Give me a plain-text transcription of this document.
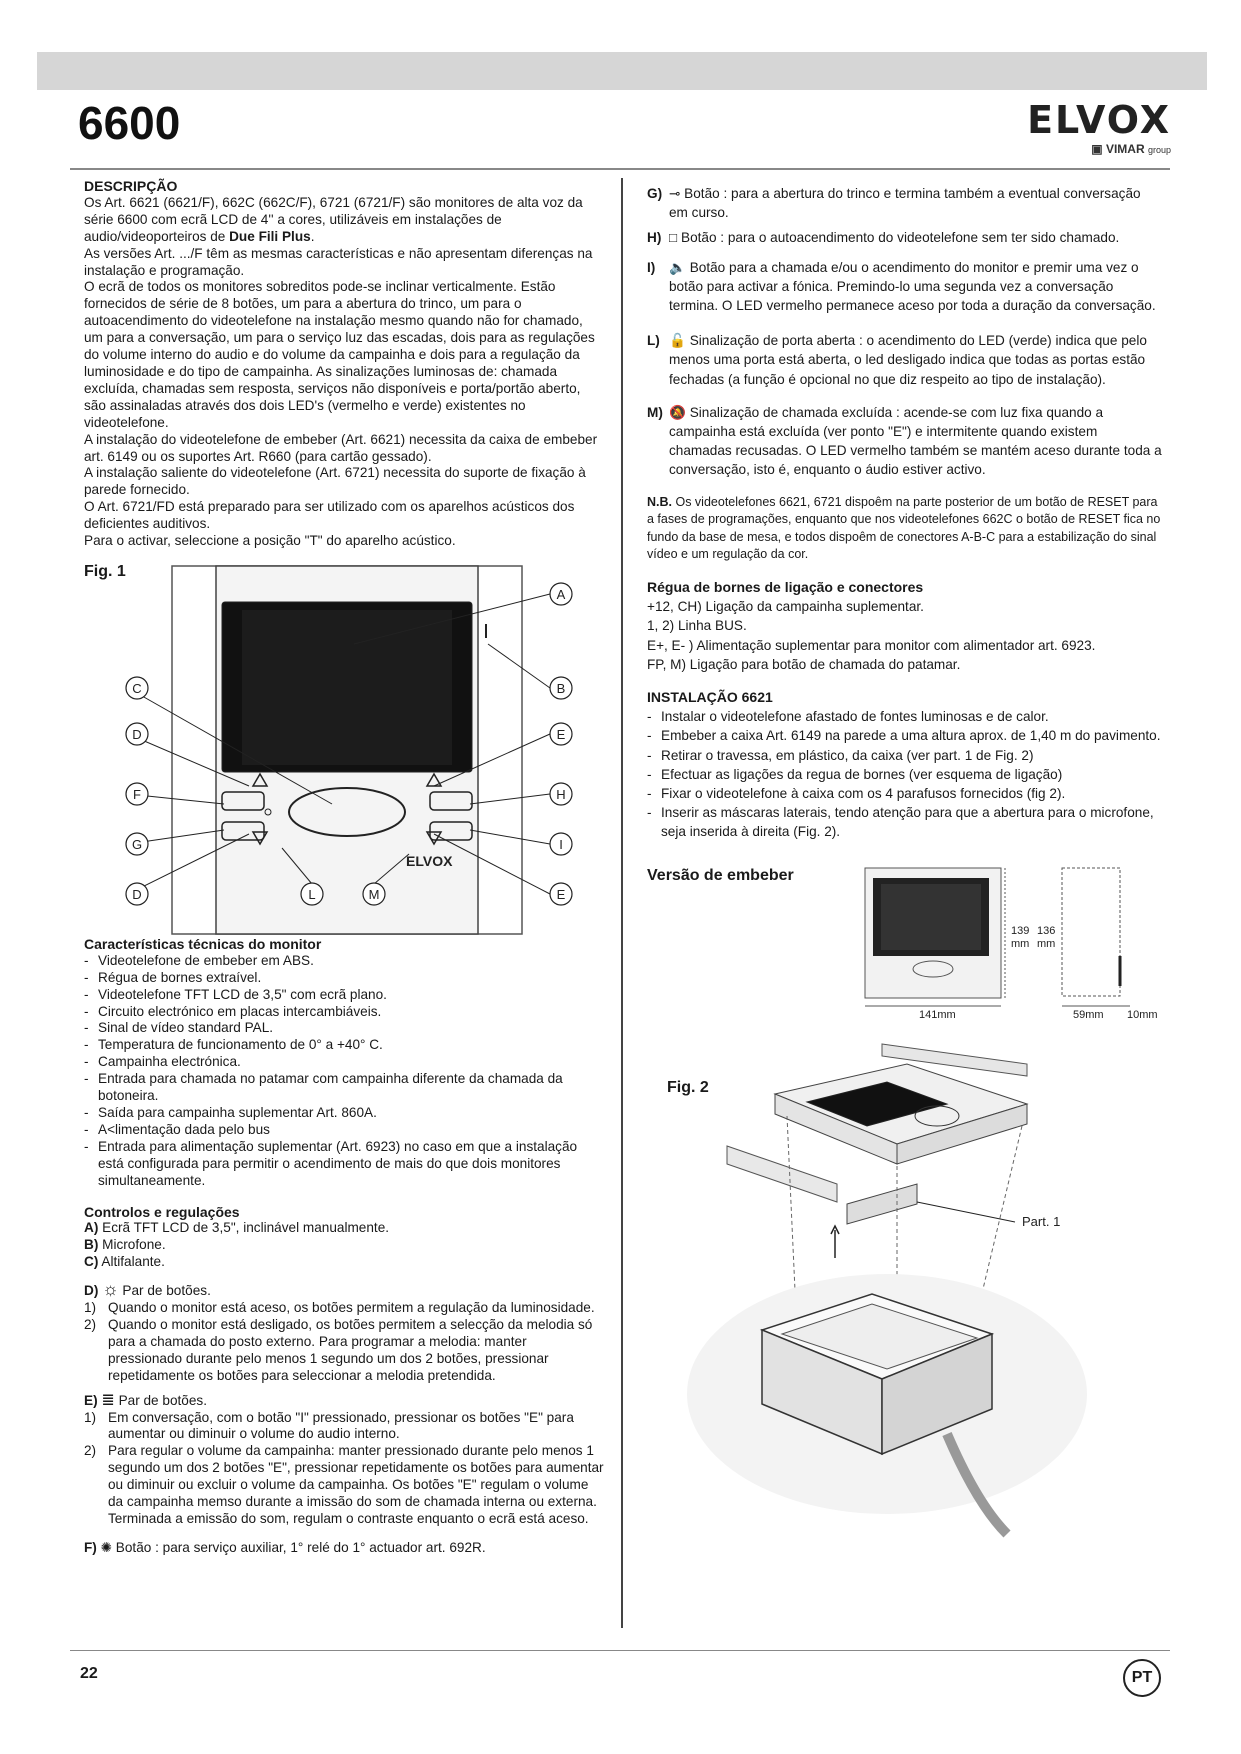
6600	ELVOX
▣ VIMAR group
DESCRIPÇÃO

Os Art. 6621 (6621/F), 662C (662C/F), 6721 (6721/F) são monitores de alta voz da série 6600 com ecrã LCD de 4'' a cores, utilizáveis em instalações de audio/videoporteiros de Due Fili Plus.

As versões Art. .../F têm as mesmas características e não apresentam diferenças na instalação e programação.

O ecrã de todos os monitores sobreditos pode-se inclinar verticalmente. Estão fornecidos de série de 8 botões, um para a abertura do trinco, um para o autoacendimento do videotelefone na instalação mesmo quando não for chamado, um para a conversação, um para o serviço luz das escadas, dois para as regulações do volume interno do audio e do volume da campainha e dois para a regulação da luminosidade e do tipo de campainha. As sinalizações luminosas de: chamada excluída, chamadas sem resposta, serviços não disponíveis e porta/portão aberto, são assinaladas através dos dois LED's (vermelho e verde) existentes no videotelefone.

A instalação do videotelefone de embeber (Art. 6621) necessita da caixa de embeber art. 6149 ou os suportes Art. R660 (para cartão gessado).

A instalação saliente do videotelefone (Art. 6721) necessita do suporte de fixação à parede fornecido.

O Art. 6721/FD está preparado para ser utilizado com os aparelhos acústicos dos deficientes auditivos.

Para o activar, seleccione a posição "T" do aparelho acústico.

Fig. 1
ELVOX
A
B
C
D	E
F
G
H
I
D	L	M	E
Características técnicas do monitor
- Videotelefone de embeber em ABS.
- Régua de bornes extraível.
- Videotelefone TFT LCD de 3,5" com ecrã plano.
- Circuito electrónico em placas intercambiáveis.
- Sinal de vídeo standard PAL.
- Temperatura de funcionamento de 0° a +40° C.
- Campainha electrónica.
- Entrada para chamada no patamar com campainha diferente da chamada da botoneira.
- Saída para campainha suplementar Art. 860A.
- A<limentação dada pelo bus
- Entrada para alimentação suplementar (Art. 6923) no caso em que a instalação está configurada para permitir o acendimento de mais do que dois monitores simultaneamente.
Controlos e regulações
A) Ecrã TFT LCD de 3,5", inclinável manualmente.
B) Microfone.
C) Altifalante.
D) ☼ Par de botões.
1) Quando o monitor está aceso, os botões permitem a regulação da luminosidade.
2) Quando o monitor está desligado, os botões permitem a selecção da melodia só para a chamada do posto externo. Para programar a melodia: manter pressionado durante pelo menos 1 segundo um dos 2 botões, pressionar repetidamente os botões para seleccionar a melodia pretendida.
E) ≣ Par de botões.
1) Em conversação, com o botão "I" pressionado, pressionar os botões "E" para aumentar ou diminuir o volume do audio interno.
2) Para regular o volume da campainha: manter pressionado durante pelo menos 1 segundo um dos 2 botões "E", pressionar repetidamente os botões para aumentar ou diminuir ou excluir o volume da campainha. Os botões "E" regulam o volume da campainha memso durante a imissão do som de chamada interna ou externa. Terminada a emissão do som, regulam o contraste enquanto o ecrã está aceso.
F) ✺ Botão : para serviço auxiliar, 1° relé do 1° actuador art. 692R.
G) ⊸ Botão : para a abertura do trinco e termina também a eventual conversação em curso.
H) □ Botão : para o autoacendimento do videotelefone sem ter sido chamado.
I)	🔈 Botão para a chamada e/ou o acendimento do monitor e premir uma vez o botão para activar a fónica. Premindo-lo uma segunda vez a conversação termina. O LED vermelho permanece aceso por toda a duração da conversação.
L) 🔓 Sinalização de porta aberta : o acendimento do LED (verde) indica que pelo menos uma porta está aberta, o led desligado indica que todas as portas estão fechadas (a função é opcional no que diz respeito ao tipo de instalação).
M) 🔕 Sinalização de chamada excluída : acende-se com luz fixa quando a campainha está excluída (ver ponto "E") e intermitente quando existem chamadas recusadas. O LED vermelho também se mantém aceso durante toda a conversação, isto é, enquanto o áudio estiver activo.

N.B. Os videotelefones 6621, 6721 dispoêm na parte posterior de um botão de RESET para a fases de programações, enquanto que nos videotelefones 662C o botão de RESET fica no fundo da base de mesa, e todos dispoêm de conectores A-B-C para a estabilização do sinal vídeo e um regulação da cor.

Régua de bornes de ligação e conectores
+12, CH) Ligação da campainha suplementar.
1, 2) Linha BUS.
E+, E- ) Alimentação suplementar para monitor com alimentador art. 6923.
FP, M) Ligação para botão de chamada do patamar.
INSTALAÇÃO 6621
- Instalar o videotelefone afastado de fontes luminosas e de calor.
- Embeber a caixa Art. 6149 na parede a uma altura aprox. de 1,40 m do pavimento.
- Retirar o travessa, em plástico, da caixa (ver part. 1 de Fig. 2)
- Efectuar as ligações da regua de bornes (ver esquema de ligação)
- Fixar o videotelefone à caixa com os 4 parafusos fornecidos (fig 2).
- Inserir as máscaras laterais, tendo atenção para que a abertura para o microfone, seja inserida à direita (Fig. 2).
Versão de embeber
139
mm
136
mm
141mm	59mm 10mm
Fig. 2
Part. 1
22	PT
